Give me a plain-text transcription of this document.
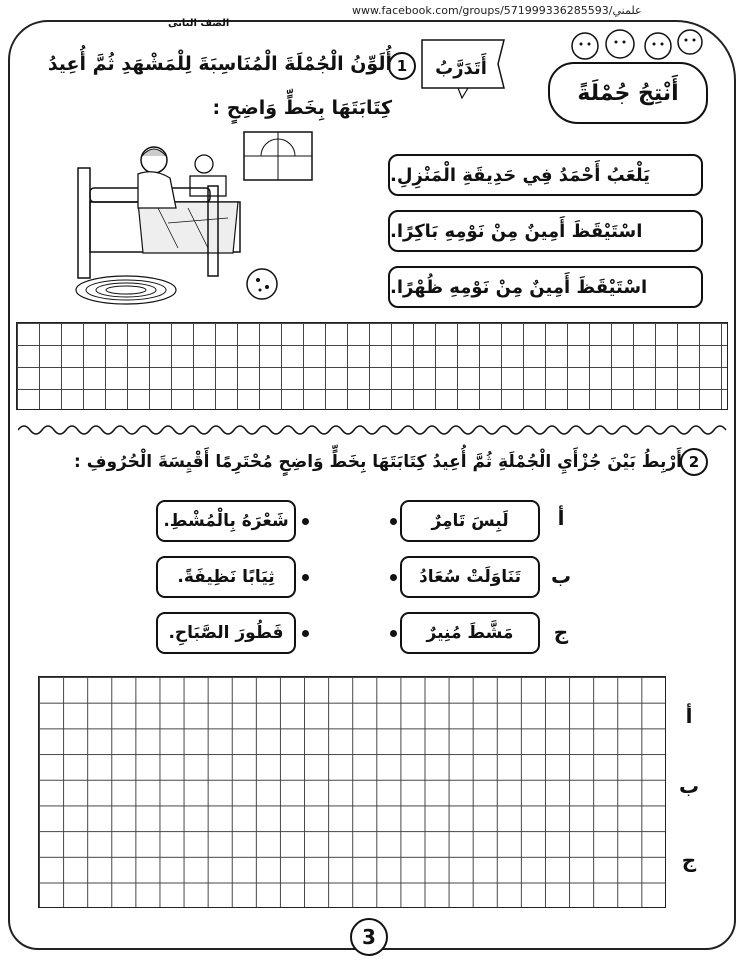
www.facebook.com/groups/571999336285593/علمني
الصف الثانى
أَنْتِجُ جُمْلَةً
أَتَدَرَّبُ
1
أُلَوِّنُ الْجُمْلَةَ الْمُنَاسِبَةَ لِلْمَشْهَدِ ثُمَّ أُعِيدُ كِتَابَتَهَا بِخَطٍّ وَاضِحٍ :
يَلْعَبُ أَحْمَدُ فِي حَدِيقَةِ الْمَنْزِلِ.
اسْتَيْقَظَ أَمِينٌ مِنْ نَوْمِهِ بَاكِرًا.
اسْتَيْقَظَ أَمِينٌ مِنْ نَوْمِهِ ظُهْرًا.
2
أَرْبِطُ بَيْنَ جُزْأَيِ الْجُمْلَةِ ثُمَّ أُعِيدُ كِتَابَتَهَا بِخَطٍّ وَاضِحٍ مُحْتَرِمًا أَقْيِسَةَ الْحُرُوفِ :
أ
لَبِسَ تَامِرٌ
شَعْرَهُ بِالْمُشْطِ.
ب
تَنَاوَلَتْ سُعَادُ
ثِيَابًا نَظِيفَةً.
ج
مَشَّطَ مُنِيرٌ
فَطُورَ الصَّبَاحِ.
أ
ب
ج
3
